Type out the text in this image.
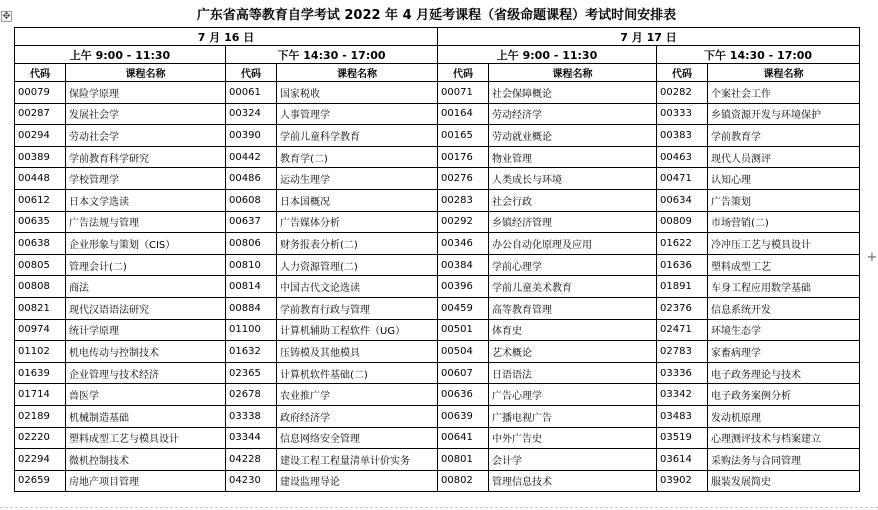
✥
+
广东省高等教育自学考试 2022 年 4 月延考课程（省级命题课程）考试时间安排表
7 月 16 日				7 月 17 日			
上午 9:00 - 11:30		下午 14:30 - 17:00		上午 9:00 - 11:30		下午 14:30 - 17:00	
代码	课程名称	代码	课程名称	代码	课程名称	代码	课程名称
00079	保险学原理	00061	国家税收	00071	社会保障概论	00282	个案社会工作
00287	发展社会学	00324	人事管理学	00164	劳动经济学	00333	乡镇资源开发与环境保护
00294	劳动社会学	00390	学前儿童科学教育	00165	劳动就业概论	00383	学前教育学
00389	学前教育科学研究	00442	教育学(二)	00176	物业管理	00463	现代人员测评
00448	学校管理学	00486	运动生理学	00276	人类成长与环境	00471	认知心理
00612	日本文学选读	00608	日本国概况	00283	社会行政	00634	广告策划
00635	广告法规与管理	00637	广告媒体分析	00292	乡镇经济管理	00809	市场营销(二)
00638	企业形象与策划（CIS）	00806	财务报表分析(二)	00346	办公自动化原理及应用	01622	冷冲压工艺与模具设计
00805	管理会计(二)	00810	人力资源管理(二)	00384	学前心理学	01636	塑料成型工艺
00808	商法	00814	中国古代文论选读	00396	学前儿童美术教育	01891	车身工程应用数学基础
00821	现代汉语语法研究	00884	学前教育行政与管理	00459	高等教育管理	02376	信息系统开发
00974	统计学原理	01100	计算机辅助工程软件（UG）	00501	体育史	02471	环境生态学
01102	机电传动与控制技术	01632	压铸模及其他模具	00504	艺术概论	02783	家畜病理学
01639	企业管理与技术经济	02365	计算机软件基础(二)	00607	日语语法	03336	电子政务理论与技术
01714	兽医学	02678	农业推广学	00636	广告心理学	03342	电子政务案例分析
02189	机械制造基础	03338	政府经济学	00639	广播电视广告	03483	发动机原理
02220	塑料成型工艺与模具设计	03344	信息网络安全管理	00641	中外广告史	03519	心理测评技术与档案建立
02294	微机控制技术	04228	建设工程工程量清单计价实务	00801	会计学	03614	采购法务与合同管理
02659	房地产项目管理	04230	建设监理导论	00802	管理信息技术	03902	服装发展简史
